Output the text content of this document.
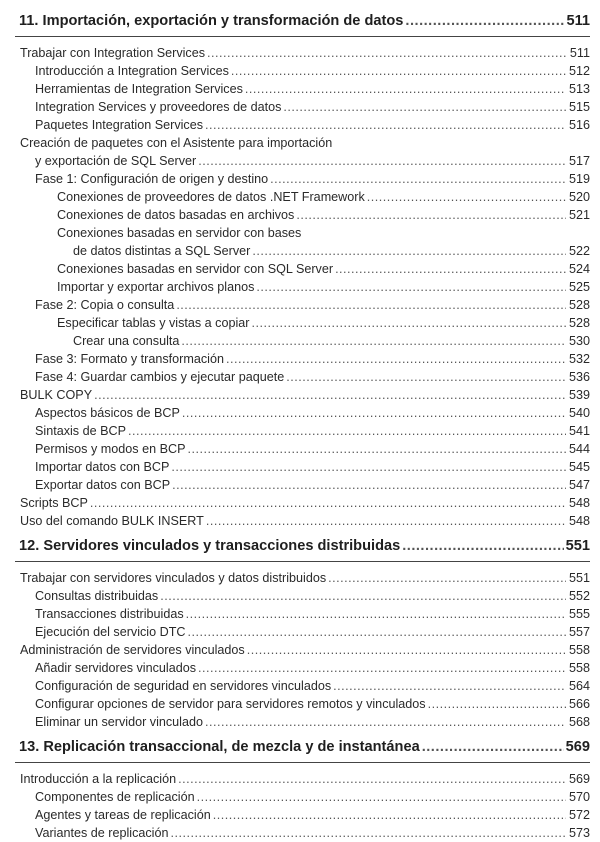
11. Importación, exportación y transformación de datos .....	511
Trabajar con Integration Services .....	511
Introducción a Integration Services .....	512
Herramientas de Integration Services .....	513
Integration Services y proveedores de datos .....	515
Paquetes Integration Services .....	516
Creación de paquetes con el Asistente para importación
y exportación de SQL Server .....	517
Fase 1: Configuración de origen y destino .....	519
Conexiones de proveedores de datos .NET Framework .....	520
Conexiones de datos basadas en archivos .....	521
Conexiones basadas en servidor con bases
de datos distintas a SQL Server .....	522
Conexiones basadas en servidor con SQL Server .....	524
Importar y exportar archivos planos .....	525
Fase 2: Copia o consulta .....	528
Especificar tablas y vistas a copiar .....	528
Crear una consulta .....	530
Fase 3: Formato y transformación .....	532
Fase 4: Guardar cambios y ejecutar paquete .....	536
BULK COPY .....	539
Aspectos básicos de BCP .....	540
Sintaxis de BCP .....	541
Permisos y modos en BCP .....	544
Importar datos con BCP .....	545
Exportar datos con BCP .....	547
Scripts BCP .....	548
Uso del comando BULK INSERT .....	548
12. Servidores vinculados y transacciones distribuidas .....	551
Trabajar con servidores vinculados y datos distribuidos .....	551
Consultas distribuidas .....	552
Transacciones distribuidas .....	555
Ejecución del servicio DTC .....	557
Administración de servidores vinculados .....	558
Añadir servidores vinculados .....	558
Configuración de seguridad en servidores vinculados .....	564
Configurar opciones de servidor para servidores remotos y vinculados .....	566
Eliminar un servidor vinculado .....	568
13. Replicación transaccional, de mezcla y de instantánea .....	569
Introducción a la replicación .....	569
Componentes de replicación .....	570
Agentes y tareas de replicación .....	572
Variantes de replicación .....	573
